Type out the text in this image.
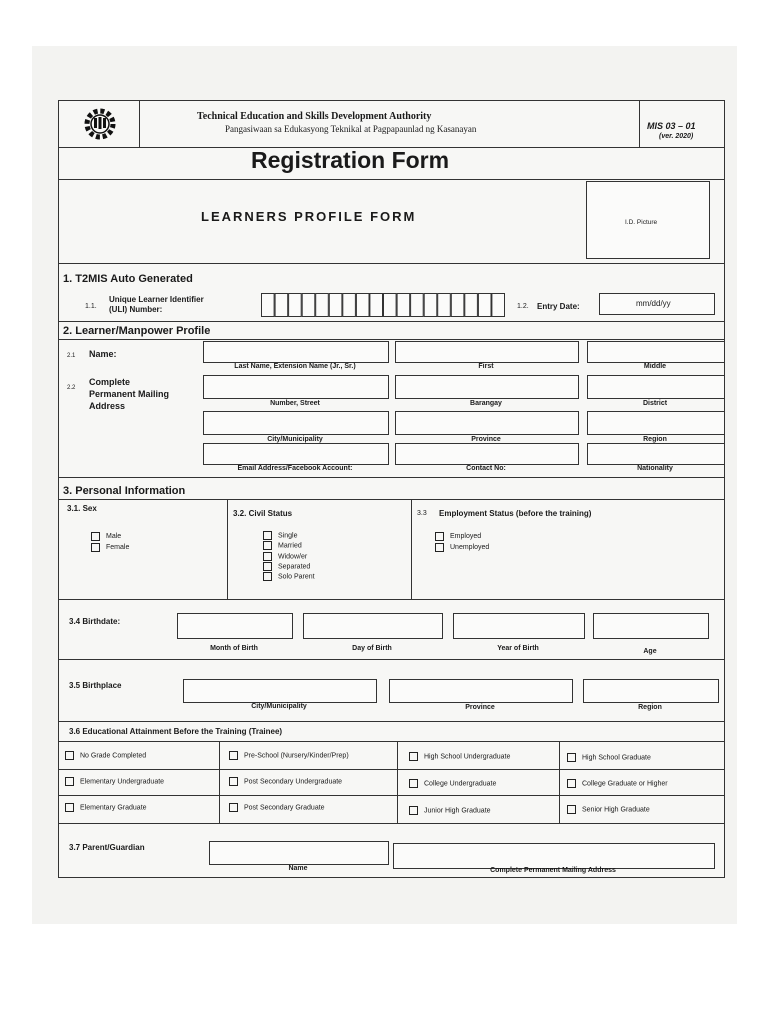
Technical Education and Skills Development Authority
Pangasiwaan sa Edukasyong Teknikal at Pagpapaunlad ng Kasanayan	MIS 03 – 01
(ver. 2020)
Registration Form
LEARNERS PROFILE FORM	I.D. Picture
1. T2MIS Auto Generated
1.1.
Unique Learner Identifier
(ULI) Number:	1.2. Entry Date:	mm/dd/yy
2. Learner/Manpower Profile
2.1 Name:
Last Name, Extension Name (Jr., Sr.)	First	Middle
2.2
Complete
Permanent Mailing
Address	Number, Street	Barangay	District
City/Municipality	Province	Region
Email Address/Facebook Account:	Contact No:	Nationality
3. Personal Information
3.1. Sex
Male
Female
3.2. Civil Status
Single
Married
Widow/er
Separated
Solo Parent
3.3 Employment Status (before the training)
Employed
Unemployed
3.4 Birthdate:
Month of Birth	Day of Birth	Year of Birth	Age
3.5 Birthplace
City/Municipality	Province	Region
3.6 Educational Attainment Before the Training (Trainee)
No Grade Completed	Pre-School (Nursery/Kinder/Prep)	High School Undergraduate	High School Graduate
Elementary Undergraduate	Post Secondary Undergraduate	College Undergraduate	College Graduate or Higher
Elementary Graduate	Post Secondary Graduate	Junior High Graduate	Senior High Graduate
3.7 Parent/Guardian
Name	Complete Permanent Mailing Address
